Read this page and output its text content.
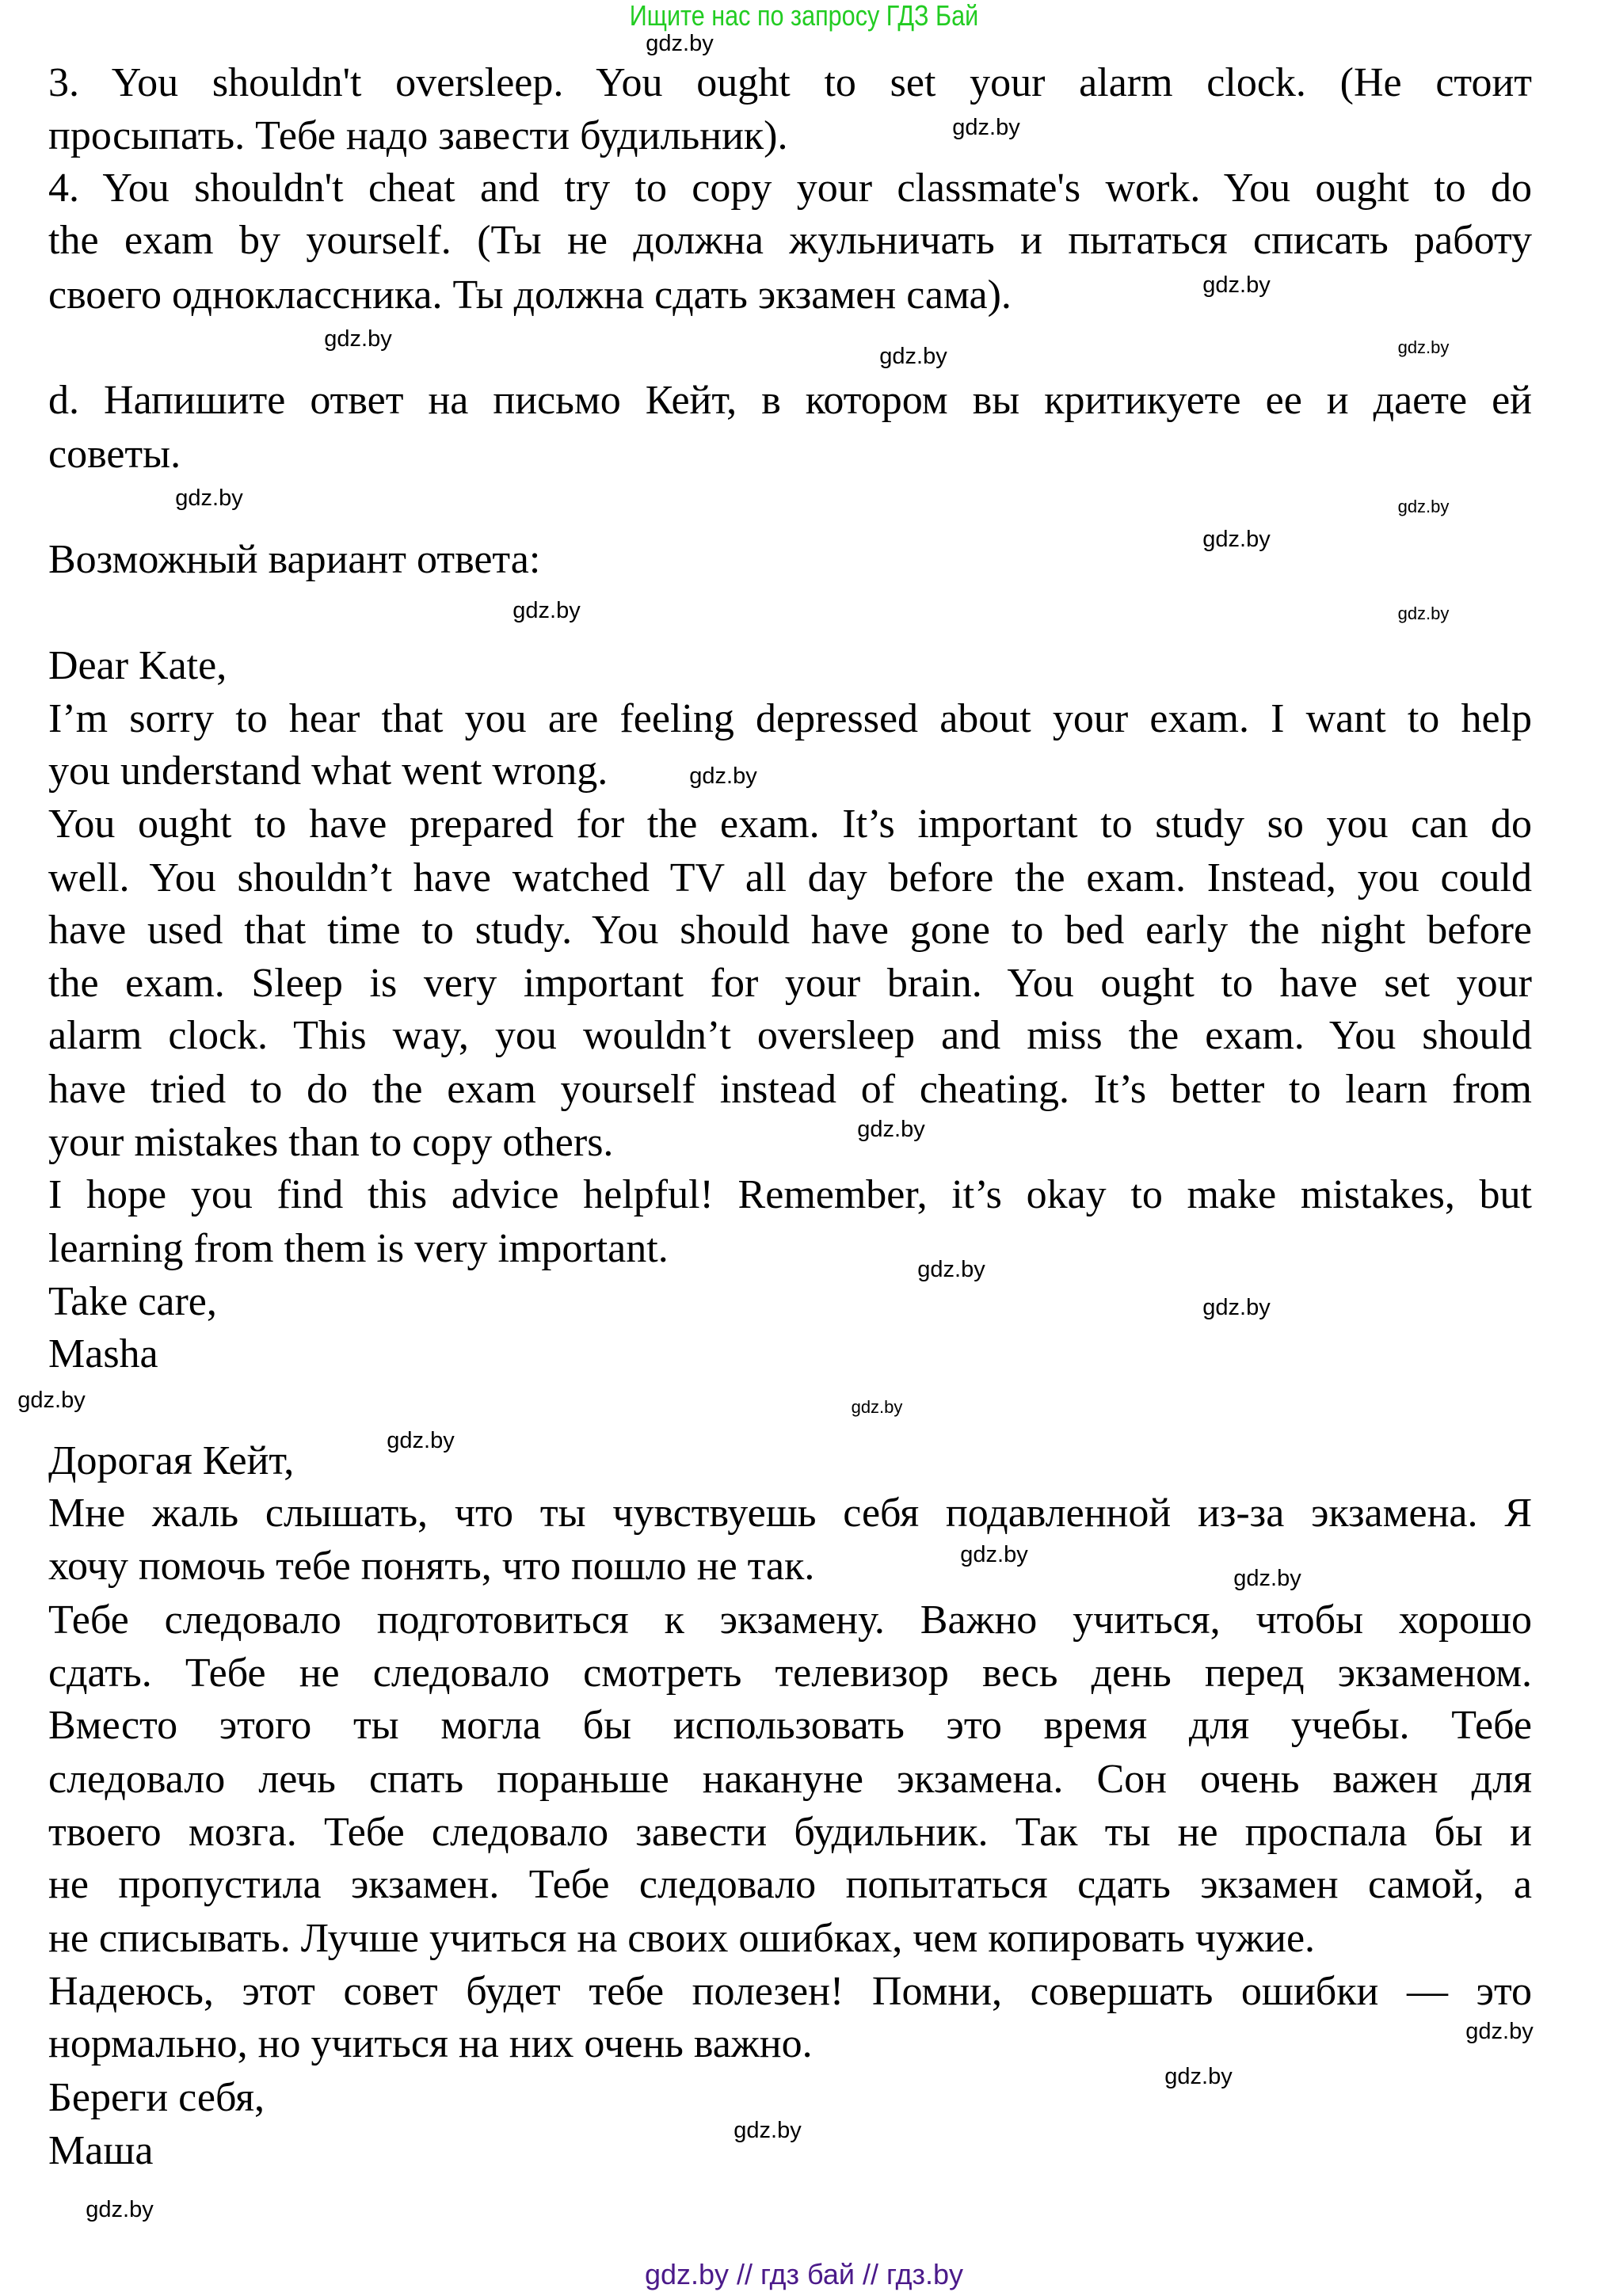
Ищите нас по запросу ГДЗ Бай
3. You shouldn't oversleep. You ought to set your alarm clock. (Не стоит
просыпать. Тебе надо завести будильник).
4. You shouldn't cheat and try to copy your classmate's work. You ought to do
the exam by yourself. (Ты не должна жульничать и пытаться списать работу
своего одноклассника. Ты должна сдать экзамен сама).
d. Напишите ответ на письмо Кейт, в котором вы критикуете ее и даете ей
советы.
Возможный вариант ответа:
Dear Kate,
I’m sorry to hear that you are feeling depressed about your exam. I want to help
you understand what went wrong.
You ought to have prepared for the exam. It’s important to study so you can do
well. You shouldn’t have watched TV all day before the exam. Instead, you could
have used that time to study. You should have gone to bed early the night before
the exam. Sleep is very important for your brain. You ought to have set your
alarm clock. This way, you wouldn’t oversleep and miss the exam. You should
have tried to do the exam yourself instead of cheating. It’s better to learn from
your mistakes than to copy others.
I hope you find this advice helpful! Remember, it’s okay to make mistakes, but
learning from them is very important.
Take care,
Masha
Дорогая Кейт,
Мне жаль слышать, что ты чувствуешь себя подавленной из-за экзамена. Я
хочу помочь тебе понять, что пошло не так.
Тебе следовало подготовиться к экзамену. Важно учиться, чтобы хорошо
сдать. Тебе не следовало смотреть телевизор весь день перед экзаменом.
Вместо этого ты могла бы использовать это время для учебы. Тебе
следовало лечь спать пораньше накануне экзамена. Сон очень важен для
твоего мозга. Тебе следовало завести будильник. Так ты не проспала бы и
не пропустила экзамен. Тебе следовало попытаться сдать экзамен самой, а
не списывать. Лучше учиться на своих ошибках, чем копировать чужие.
Надеюсь, этот совет будет тебе полезен! Помни, совершать ошибки — это
нормально, но учиться на них очень важно.
Береги себя,
Маша
gdz.by
gdz.by
gdz.by
gdz.by
gdz.by
gdz.by
gdz.by
gdz.by
gdz.by
gdz.by
gdz.by
gdz.by
gdz.by
gdz.by
gdz.by
gdz.by
gdz.by
gdz.by
gdz.by
gdz.by
gdz.by
gdz.by
gdz.by
gdz.by
gdz.by // гдз бай // гдз.by
